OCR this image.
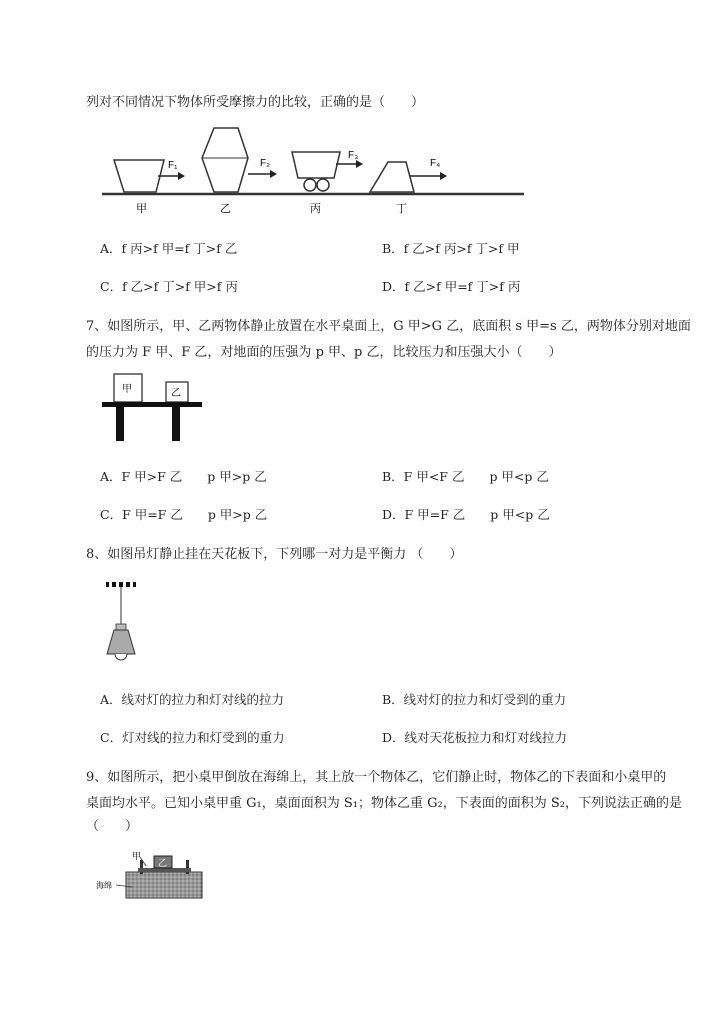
列对不同情况下物体所受摩擦力的比较，正确的是（　　）
F₁
甲
F₂
乙
F₃
丙
F₄
丁
A．f 丙>f 甲=f 丁>f 乙	B．f 乙>f 丙>f 丁>f 甲
C．f 乙>f 丁>f 甲>f 丙	D．f 乙>f 甲=f 丁>f 丙
7、如图所示，甲、乙两物体静止放置在水平桌面上，G 甲>G 乙，底面积 s 甲=s 乙，两物体分别对地面
的压力为 F 甲、F 乙，对地面的压强为 p 甲、p 乙，比较压力和压强大小（　　）
甲	乙
A．F 甲>F 乙　　p 甲>p 乙	B．F 甲<F 乙　　p 甲<p 乙
C．F 甲=F 乙　　p 甲>p 乙	D．F 甲=F 乙　　p 甲<p 乙
8、如图吊灯静止挂在天花板下，下列哪一对力是平衡力 （　　）
A．线对灯的拉力和灯对线的拉力	B．线对灯的拉力和灯受到的重力
C．灯对线的拉力和灯受到的重力	D．线对天花板拉力和灯对线拉力
9、如图所示，把小桌甲倒放在海绵上，其上放一个物体乙，它们静止时，物体乙的下表面和小桌甲的
桌面均水平。已知小桌甲重 G₁，桌面面积为 S₁；物体乙重 G₂，下表面的面积为 S₂，下列说法正确的是
（　　）
乙
甲
海绵
